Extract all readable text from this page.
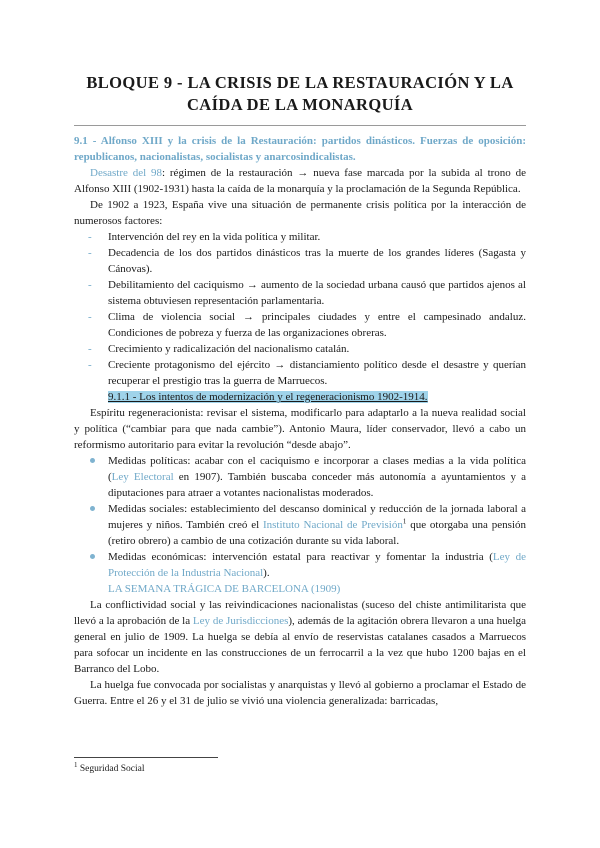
BLOQUE 9 - LA CRISIS DE LA RESTAURACIÓN Y LA
CAÍDA DE LA MONARQUÍA

9.1 - Alfonso XIII y la crisis de la Restauración: partidos dinásticos. Fuerzas de oposición: republicanos, nacionalistas, socialistas y anarcosindicalistas.

Desastre del 98: régimen de la restauración → nueva fase marcada por la subida al trono de Alfonso XIII (1902-1931) hasta la caída de la monarquía y la proclamación de la Segunda República.

De 1902 a 1923, España vive una situación de permanente crisis política por la interacción de numerosos factores:

- Intervención del rey en la vida política y militar.
- Decadencia de los dos partidos dinásticos tras la muerte de los grandes líderes (Sagasta y Cánovas).
- Debilitamiento del caciquismo → aumento de la sociedad urbana causó que partidos ajenos al sistema obtuviesen representación parlamentaria.
- Clima de violencia social → principales ciudades y entre el campesinado andaluz. Condiciones de pobreza y fuerza de las organizaciones obreras.
- Crecimiento y radicalización del nacionalismo catalán.
- Creciente protagonismo del ejército → distanciamiento político desde el desastre y querían recuperar el prestigio tras la guerra de Marruecos.

9.1.1 - Los intentos de modernización y el regeneracionismo 1902-1914.

Espíritu regeneracionista: revisar el sistema, modificarlo para adaptarlo a la nueva realidad social y política (“cambiar para que nada cambie”). Antonio Maura, líder conservador, llevó a cabo un reformismo autoritario para evitar la revolución “desde abajo”.

Medidas políticas: acabar con el caciquismo e incorporar a clases medias a la vida política (Ley Electoral en 1907). También buscaba conceder más autonomía a ayuntamientos y a diputaciones para atraer a votantes nacionalistas moderados.
Medidas sociales: establecimiento del descanso dominical y reducción de la jornada laboral a mujeres y niños. También creó el Instituto Nacional de Previsión$^1$ que otorgaba una pensión (retiro obrero) a cambio de una cotización durante su vida laboral.
Medidas económicas: intervención estatal para reactivar y fomentar la industria (Ley de Protección de la Industria Nacional).

LA SEMANA TRÁGICA DE BARCELONA (1909)

La conflictividad social y las reivindicaciones nacionalistas (suceso del chiste antimilitarista que llevó a la aprobación de la Ley de Jurisdicciones), además de la agitación obrera llevaron a una huelga general en julio de 1909. La huelga se debía al envío de reservistas catalanes casados a Marruecos para sofocar un incidente en las construcciones de un ferrocarril a la vez que hubo 1200 bajas en el Barranco del Lobo.

La huelga fue convocada por socialistas y anarquistas y llevó al gobierno a proclamar el Estado de Guerra. Entre el 26 y el 31 de julio se vivió una violencia generalizada: barricadas,

$^1$ Seguridad Social
